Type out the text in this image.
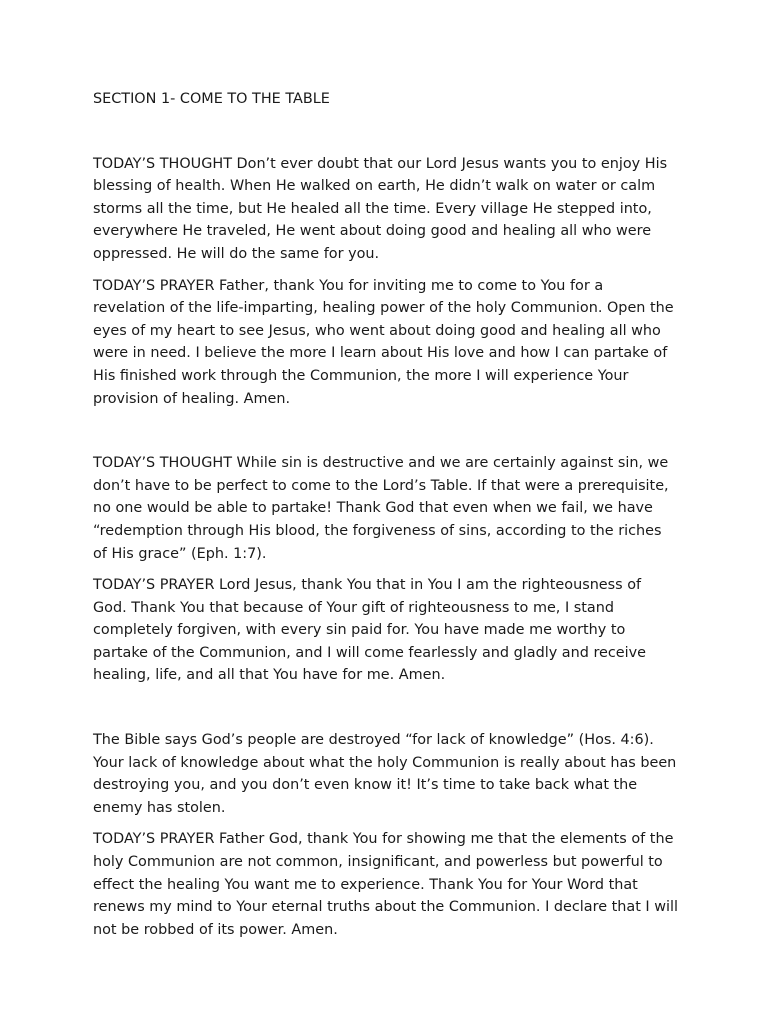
SECTION 1- COME TO THE TABLE

TODAY’S THOUGHT Don’t ever doubt that our Lord Jesus wants you to enjoy His blessing of health. When He walked on earth, He didn’t walk on water or calm storms all the time, but He healed all the time. Every village He stepped into, everywhere He traveled, He went about doing good and healing all who were oppressed. He will do the same for you.

TODAY’S PRAYER Father, thank You for inviting me to come to You for a revelation of the life-imparting, healing power of the holy Communion. Open the eyes of my heart to see Jesus, who went about doing good and healing all who were in need. I believe the more I learn about His love and how I can partake of His finished work through the Communion, the more I will experience Your provision of healing. Amen.

TODAY’S THOUGHT While sin is destructive and we are certainly against sin, we don’t have to be perfect to come to the Lord’s Table. If that were a prerequisite, no one would be able to partake! Thank God that even when we fail, we have “redemption through His blood, the forgiveness of sins, according to the riches of His grace” (Eph. 1:7).

TODAY’S PRAYER Lord Jesus, thank You that in You I am the righteousness of God. Thank You that because of Your gift of righteousness to me, I stand completely forgiven, with every sin paid for. You have made me worthy to partake of the Communion, and I will come fearlessly and gladly and receive healing, life, and all that You have for me. Amen.

The Bible says God’s people are destroyed “for lack of knowledge” (Hos. 4:6). Your lack of knowledge about what the holy Communion is really about has been destroying you, and you don’t even know it! It’s time to take back what the enemy has stolen.

TODAY’S PRAYER Father God, thank You for showing me that the elements of the holy Communion are not common, insignificant, and powerless but powerful to effect the healing You want me to experience. Thank You for Your Word that renews my mind to Your eternal truths about the Communion. I declare that I will not be robbed of its power. Amen.
